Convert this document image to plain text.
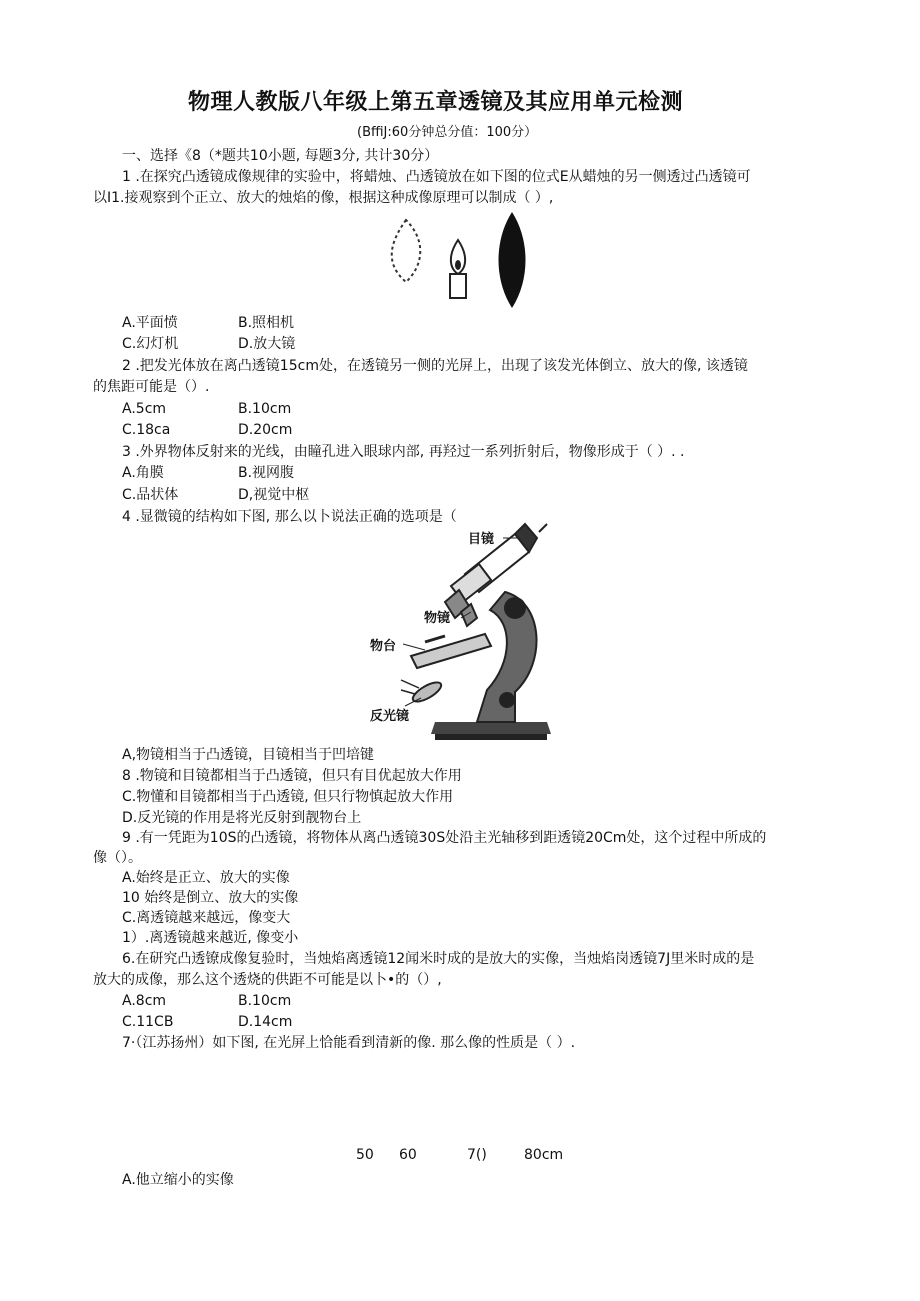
物理人教版八年级上第五章透镜及其应用单元检测
(BffiJ:60分钟总分值：100分）
一、选择《8（*题共10小题, 每题3分, 共计30分）
1 .在探究凸透镜成像规律的实验中，将蜡烛、凸透镜放在如下图的位式E从蜡烛的另一侧透过凸透镜可
以I1.接观察到个正立、放大的烛焰的像，根据这种成像原理可以制成（ ）,
A.平面愤	B.照相机
C.幻灯机	D.放大镜
2 .把发光体放在离凸透镜15cm处，在透镜另一侧的光屏上，出现了该发光体倒立、放大的像, 该透镜
的焦距可能是（）.
A.5cm	B.10cm
C.18ca	D.20cm
3 .外界物体反射来的光线，由瞳孔进入眼球内部, 再羟过一系列折射后，物像形成于（ ）. .
A.角膜	B.视网腹
C.品状体	D,视觉中枢
4 .显微镜的结构如下图, 那么以卜说法正确的选项是（
目镜
物镜
物台
反光镜
A,物镜相当于凸透镜，目镜相当于凹培键
8 .物镜和目镜都相当于凸透镜，但只有目优起放大作用
C.物懂和目镜都相当于凸透镜, 但只行物慎起放大作用
D.反光镜的作用是将光反射到靓物台上
9 .有一凭距为10S的凸透镜，将物体从离凸透镜30S处沿主光轴移到距透镜20Cm处，这个过程中所成的
像（）。
A.始终是正立、放大的实像
10 始终是倒立、放大的实像
C.离透镜越来越远，像变大
1）.离透镜越来越近, 像变小
6.在研究凸透镣成像复验时，当烛焰离透镜12闻米时成的是放大的实像，当烛焰岗透镜7J里米时成的是
放大的成像，那么这个透烧的供距不可能是以卜•的（）,
A.8cm	B.10cm
C.11CB	D.14cm
7·（江苏扬州）如下图, 在光屏上恰能看到清新的像. 那么像的性质是（ ）.
50 60	7()	80cm
A.他立缩小的实像
